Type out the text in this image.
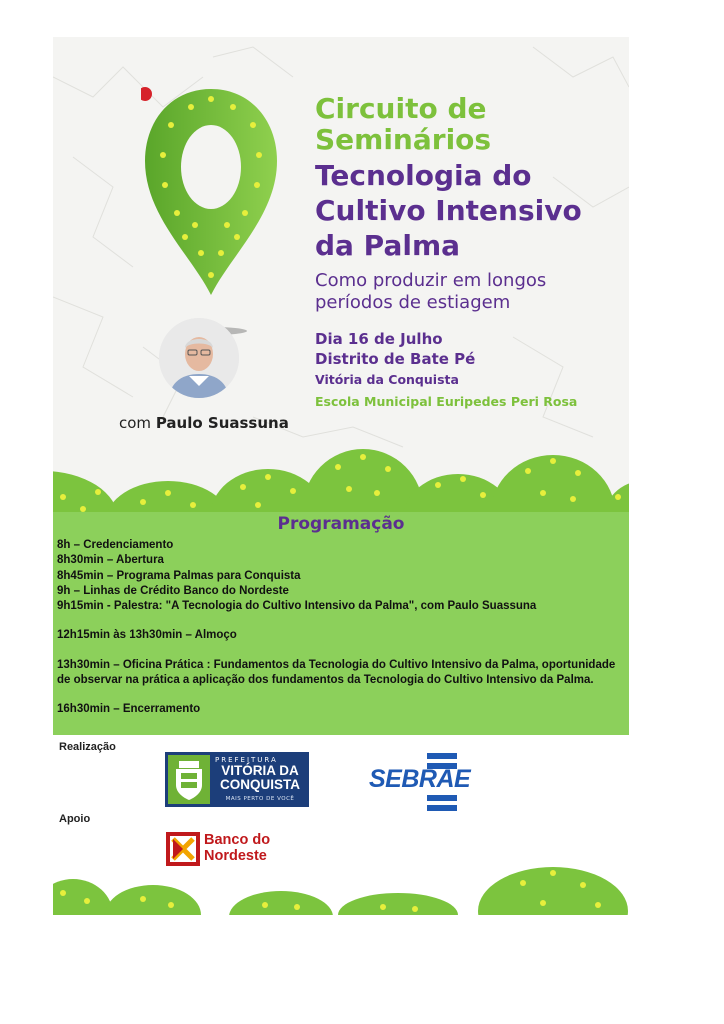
Circuito de
Seminários
Tecnologia do
Cultivo Intensivo
da Palma

Como produzir em longos
períodos de estiagem

Dia 16 de Julho
Distrito de Bate Pé

Vitória da Conquista

Escola Municipal Euripedes Peri Rosa

com Paulo Suassuna
Programação
8h – Credenciamento
8h30min – Abertura
8h45min – Programa Palmas para Conquista
9h – Linhas de Crédito Banco do Nordeste
9h15min - Palestra: "A Tecnologia do Cultivo Intensivo da Palma", com Paulo Suassuna
12h15min às 13h30min – Almoço
13h30min – Oficina Prática : Fundamentos da Tecnologia do Cultivo Intensivo da Palma, oportunidade de observar na prática a aplicação dos fundamentos da Tecnologia do Cultivo Intensivo da Palma.
16h30min – Encerramento

Realização

PREFEITURA
VITÓRIA DA
CONQUISTA
MAIS PERTO DE VOCÊ
SEBRAE

Apoio

Banco do
Nordeste
